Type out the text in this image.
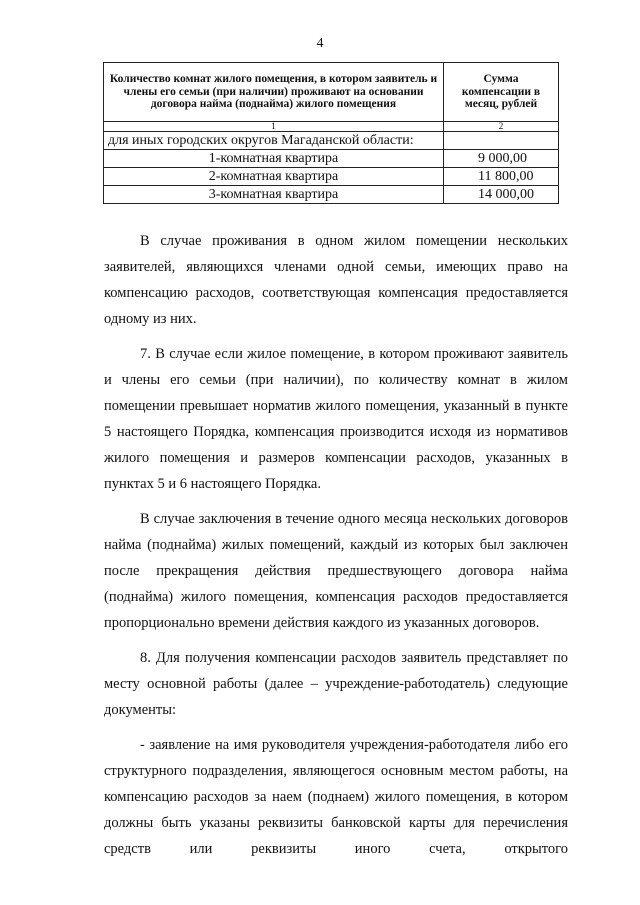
4
Количество комнат жилого помещения, в котором заявитель и члены его семьи (при наличии) проживают на основании договора найма (поднайма) жилого помещения	Сумма компенсации в месяц, рублей
1	2
для иных городских округов Магаданской области:	
1-комнатная квартира	9 000,00
2-комнатная квартира	11 800,00
3-комнатная квартира	14 000,00

В случае проживания в одном жилом помещении нескольких заявителей, являющихся членами одной семьи, имеющих право на компенсацию расходов, соответствующая компенсация предоставляется одному из них.

7. В случае если жилое помещение, в котором проживают заявитель и члены его семьи (при наличии), по количеству комнат в жилом помещении превышает норматив жилого помещения, указанный в пункте 5 настоящего Порядка, компенсация производится исходя из нормативов жилого помещения и размеров компенсации расходов, указанных в пунктах 5 и 6 настоящего Порядка.

В случае заключения в течение одного месяца нескольких договоров найма (поднайма) жилых помещений, каждый из которых был заключен после прекращения действия предшествующего договора найма (поднайма) жилого помещения, компенсация расходов предоставляется пропорционально времени действия каждого из указанных договоров.

8. Для получения компенсации расходов заявитель представляет по месту основной работы (далее – учреждение-работодатель) следующие документы:

- заявление на имя руководителя учреждения-работодателя либо его структурного подразделения, являющегося основным местом работы, на компенсацию расходов за наем (поднаем) жилого помещения, в котором должны быть указаны реквизиты банковской карты для перечисления средств или реквизиты иного счета, открытого
